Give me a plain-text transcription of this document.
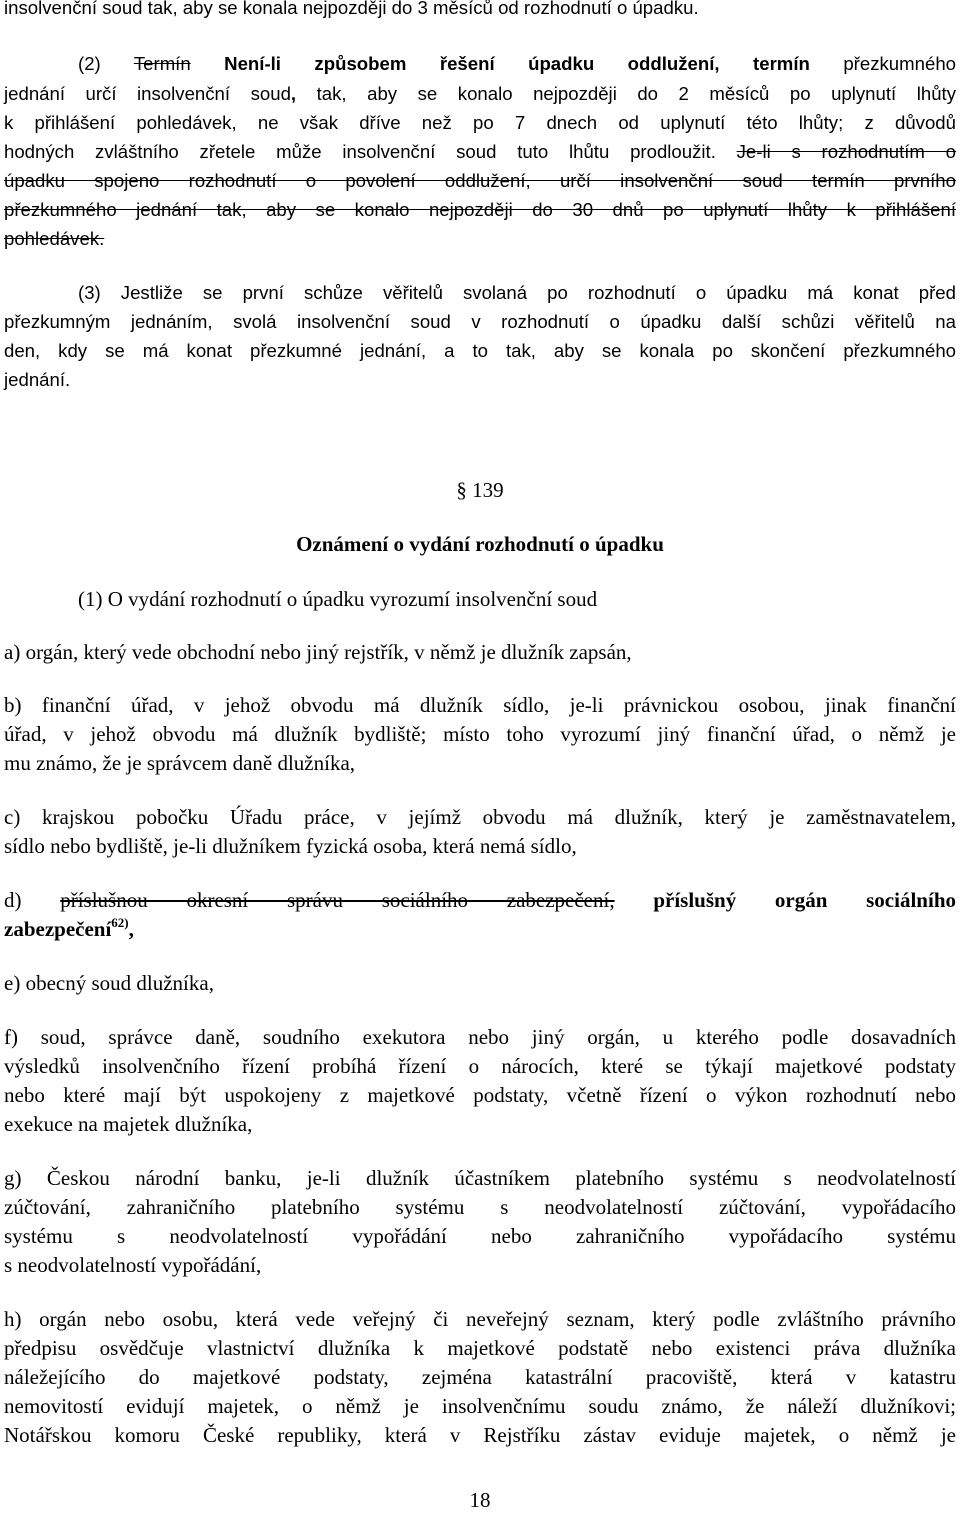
insolvenční soud tak, aby se konala nejpozději do 3 měsíců od rozhodnutí o úpadku.
(2) Termín Není-li způsobem řešení úpadku oddlužení, termín přezkumného
jednání určí insolvenční soud, tak, aby se konalo nejpozději do 2 měsíců po uplynutí lhůty
k přihlášení pohledávek, ne však dříve než po 7 dnech od uplynutí této lhůty; z důvodů
hodných zvláštního zřetele může insolvenční soud tuto lhůtu prodloužit. Je-li s rozhodnutím o
úpadku spojeno rozhodnutí o povolení oddlužení, určí insolvenční soud termín prvního
přezkumného jednání tak, aby se konalo nejpozději do 30 dnů po uplynutí lhůty k přihlášení
pohledávek.
(3) Jestliže se první schůze věřitelů svolaná po rozhodnutí o úpadku má konat před
přezkumným jednáním, svolá insolvenční soud v rozhodnutí o úpadku další schůzi věřitelů na
den, kdy se má konat přezkumné jednání, a to tak, aby se konala po skončení přezkumného
jednání.
§ 139
Oznámení o vydání rozhodnutí o úpadku
(1) O vydání rozhodnutí o úpadku vyrozumí insolvenční soud
a) orgán, který vede obchodní nebo jiný rejstřík, v němž je dlužník zapsán,
b) finanční úřad, v jehož obvodu má dlužník sídlo, je-li právnickou osobou, jinak finanční
úřad, v jehož obvodu má dlužník bydliště; místo toho vyrozumí jiný finanční úřad, o němž je
mu známo, že je správcem daně dlužníka,
c) krajskou pobočku Úřadu práce, v jejímž obvodu má dlužník, který je zaměstnavatelem,
sídlo nebo bydliště, je-li dlužníkem fyzická osoba, která nemá sídlo,
d) příslušnou okresní správu sociálního zabezpečení, příslušný orgán sociálního
zabezpečení$^{62)}$,
e) obecný soud dlužníka,
f) soud, správce daně, soudního exekutora nebo jiný orgán, u kterého podle dosavadních
výsledků insolvenčního řízení probíhá řízení o nárocích, které se týkají majetkové podstaty
nebo které mají být uspokojeny z majetkové podstaty, včetně řízení o výkon rozhodnutí nebo
exekuce na majetek dlužníka,
g) Českou národní banku, je-li dlužník účastníkem platebního systému s neodvolatelností
zúčtování, zahraničního platebního systému s neodvolatelností zúčtování, vypořádacího
systému s neodvolatelností vypořádání nebo zahraničního vypořádacího systému
s neodvolatelností vypořádání,
h) orgán nebo osobu, která vede veřejný či neveřejný seznam, který podle zvláštního právního
předpisu osvědčuje vlastnictví dlužníka k majetkové podstatě nebo existenci práva dlužníka
náležejícího do majetkové podstaty, zejména katastrální pracoviště, která v katastru
nemovitostí evidují majetek, o němž je insolvenčnímu soudu známo, že náleží dlužníkovi;
Notářskou komoru České republiky, která v Rejstříku zástav eviduje majetek, o němž je
18
